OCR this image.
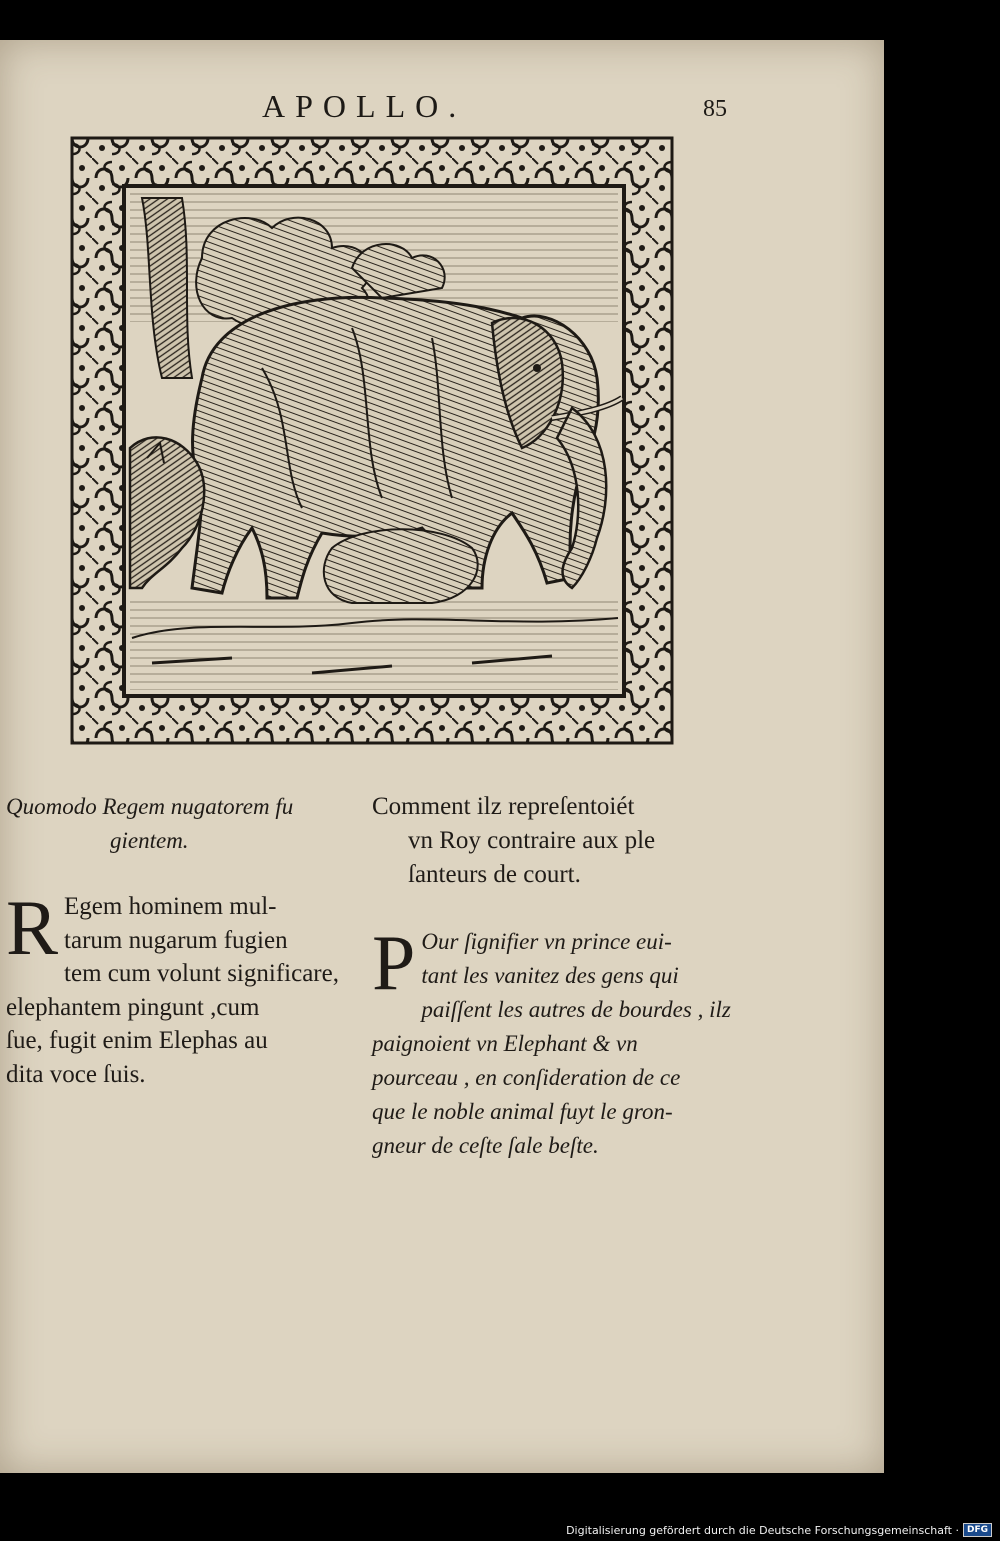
APOLLO.	85

Quomodo Regem nugatorem fu
gientem.

Comment ilz repreſentoiét
vn Roy contraire aux ple
ſanteurs de court.

R Egem hominem mul-
tarum nugarum fugien
tem cum volunt significare,
elephantem pingunt ,cum
ſue, fugit enim Elephas au
dita voce ſuis.
P Our ſignifier vn prince eui-
tant les vanitez des gens qui
paiſſent les autres de bourdes , ilz
paignoient vn Elephant & vn
pourceau , en conſideration de ce
que le noble animal fuyt le gron-
gneur de ceſte ſale beſte.
Digitalisierung gefördert durch die Deutsche Forschungsgemeinschaft · DFG
